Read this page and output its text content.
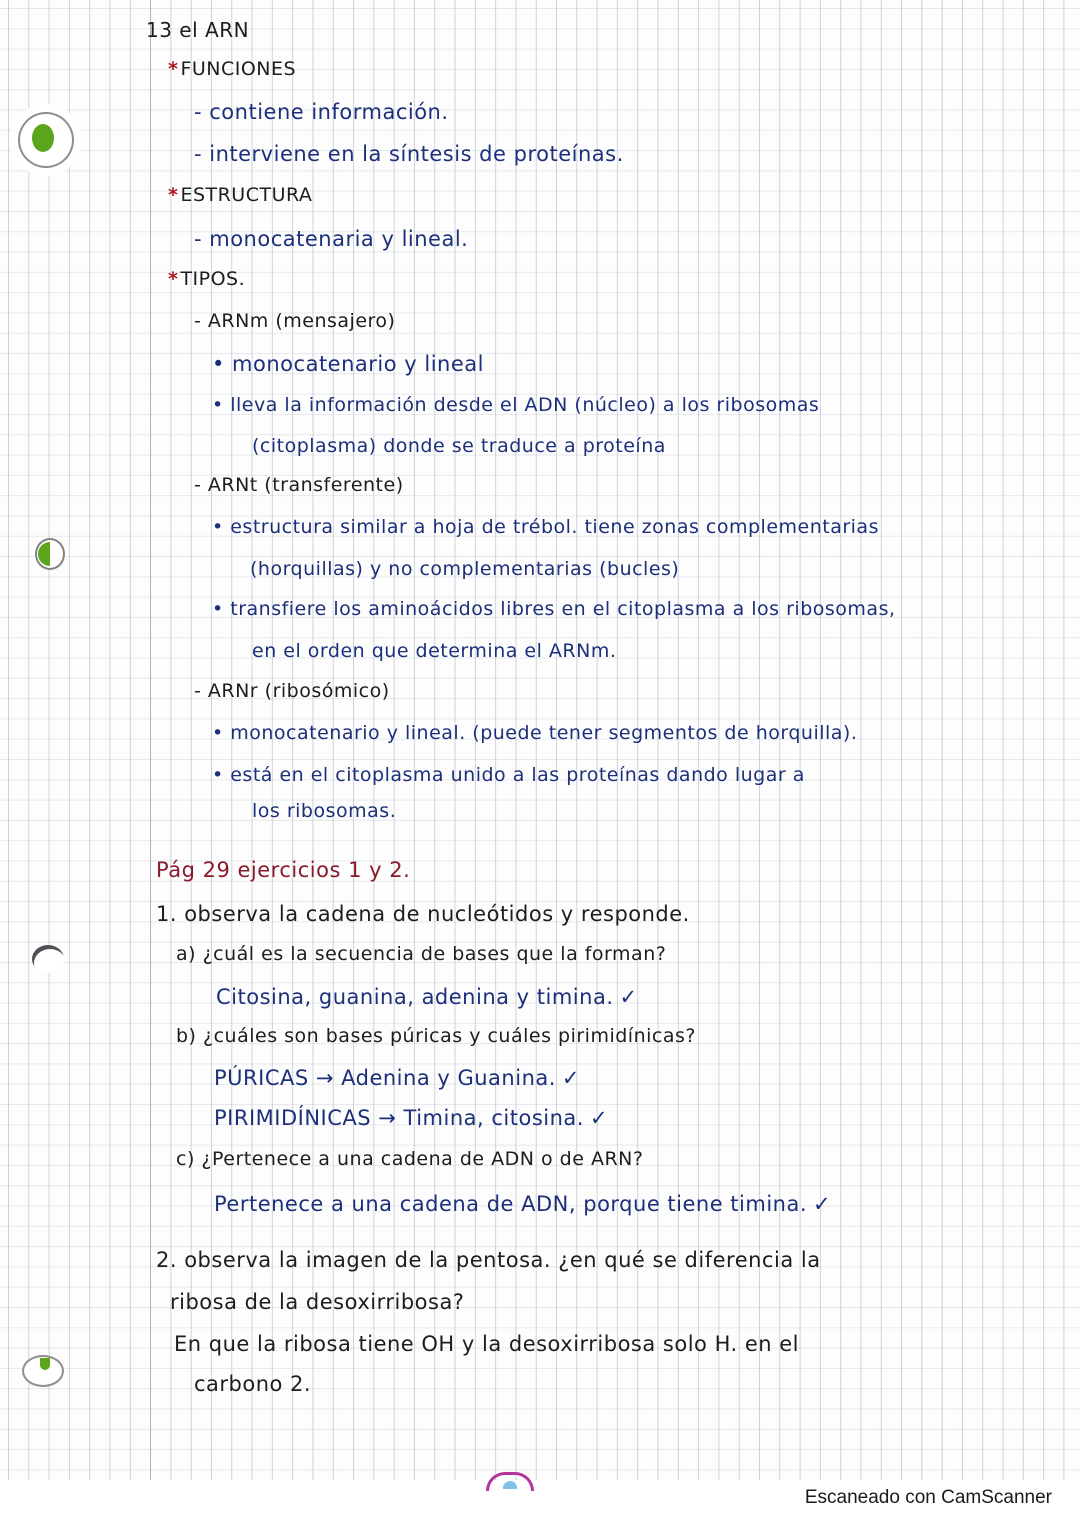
13 el ARN
* FUNCIONES
- contiene información.
- interviene en la síntesis de proteínas.
* ESTRUCTURA
- monocatenaria y lineal.
* TIPOS.
- ARNm (mensajero)
• monocatenario y lineal
• lleva la información desde el ADN (núcleo) a los ribosomas
(citoplasma) donde se traduce a proteína
- ARNt (transferente)
• estructura similar a hoja de trébol. tiene zonas complementarias
(horquillas) y no complementarias (bucles)
• transfiere los aminoácidos libres en el citoplasma a los ribosomas,
en el orden que determina el ARNm.
- ARNr (ribosómico)
• monocatenario y lineal. (puede tener segmentos de horquilla).
• está en el citoplasma unido a las proteínas dando lugar a
los ribosomas.
Pág 29 ejercicios 1 y 2.
1. observa la cadena de nucleótidos y responde.
a) ¿cuál es la secuencia de bases que la forman?
Citosina, guanina, adenina y timina. ✓
b) ¿cuáles son bases púricas y cuáles pirimidínicas?
PÚRICAS → Adenina y Guanina. ✓
PIRIMIDÍNICAS → Timina, citosina. ✓
c) ¿Pertenece a una cadena de ADN o de ARN?
Pertenece a una cadena de ADN, porque tiene timina. ✓
2. observa la imagen de la pentosa. ¿en qué se diferencia la
ribosa de la desoxirribosa?
En que la ribosa tiene OH y la desoxirribosa solo H. en el
carbono 2.
Escaneado con CamScanner
